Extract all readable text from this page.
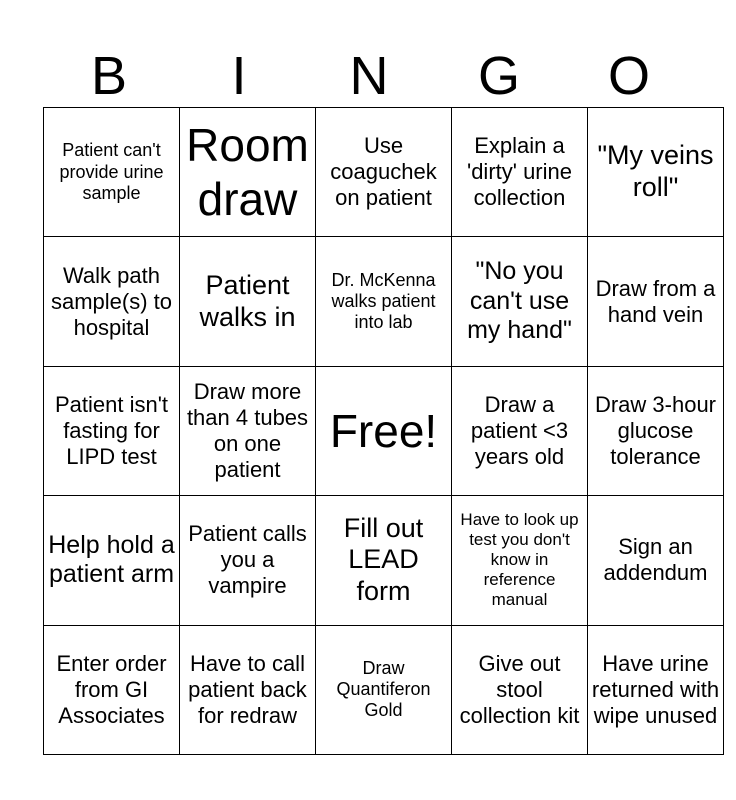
B	I	N	G	O
Patient can't provide urine sample	Room draw	Use coaguchek on patient	Explain a 'dirty' urine collection	"My veins roll"
Walk path sample(s) to hospital	Patient walks in	Dr. McKenna walks patient into lab	"No you can't use my hand"	Draw from a hand vein
Patient isn't fasting for LIPD test	Draw more than 4 tubes on one patient	Free!	Draw a patient <3 years old	Draw 3-hour glucose tolerance
Help hold a patient arm	Patient calls you a vampire	Fill out LEAD form	Have to look up test you don't know in reference manual	Sign an addendum
Enter order from GI Associates	Have to call patient back for redraw	Draw Quantiferon Gold	Give out stool collection kit	Have urine returned with wipe unused
